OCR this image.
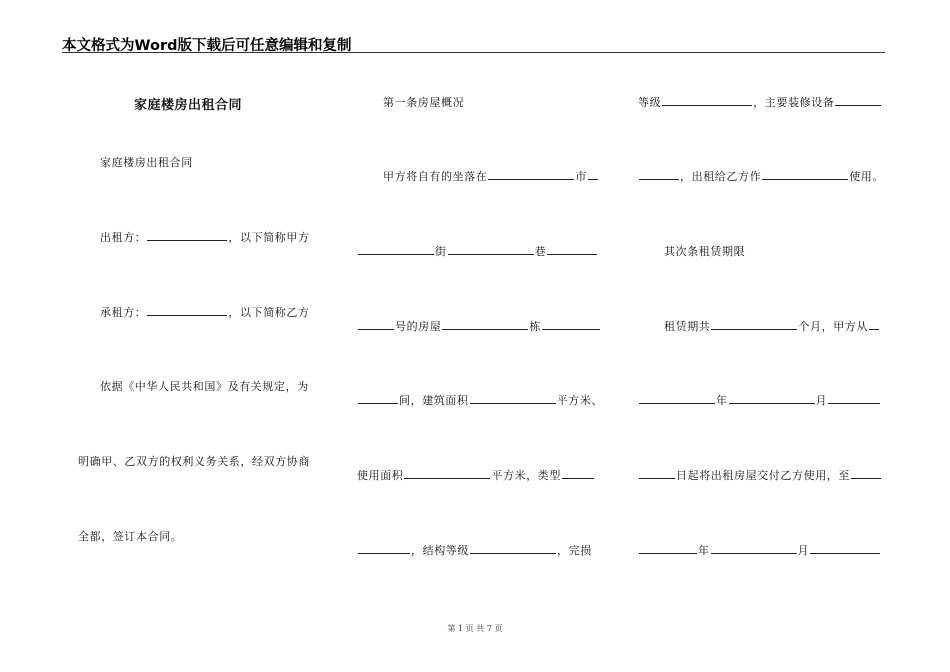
本文格式为Word版下载后可任意编辑和复制
家庭楼房出租合同
家庭楼房出租合同
出租方：	，以下简称甲方
承租方：	，以下简称乙方
依据《中华人民共和国》及有关规定，为
明确甲、乙双方的权利义务关系，经双方协商
全都，签订本合同。
第一条房屋概况
甲方将自有的坐落在	市
街	巷
号的房屋	栋
间，建筑面积	平方米、
使用面积	平方米，类型
，结构等级	，完损
等级	，主要装修设备
，出租给乙方作	使用。
其次条租赁期限
租赁期共	个月，甲方从
年	月
日起将出租房屋交付乙方使用，至
年	月
第 1 页 共 7 页
